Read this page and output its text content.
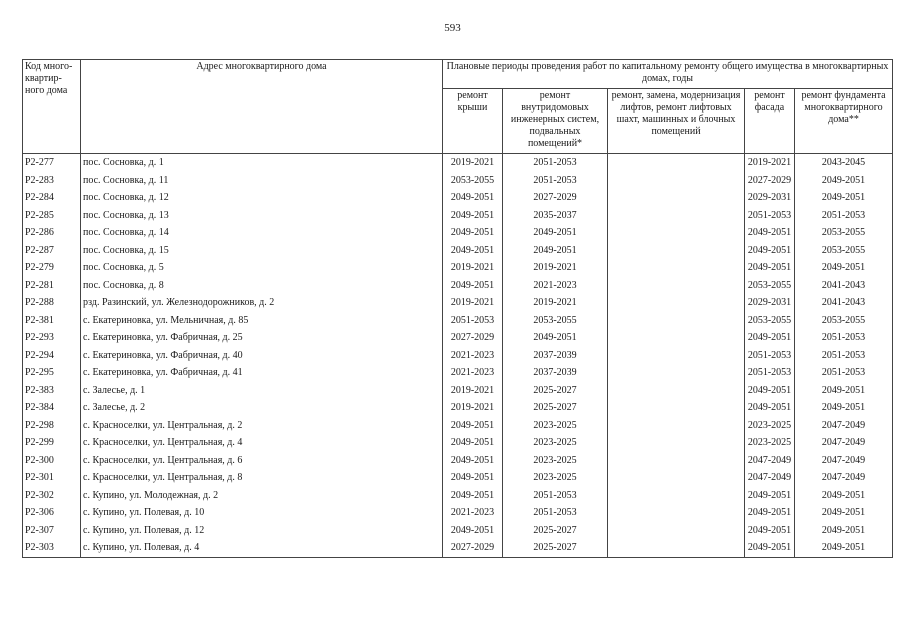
593
Код много-квартир-ного дома	Адрес многоквартирного дома	Плановые периоды проведения работ по капитальному ремонту общего имущества в многоквартирных домах, годы				
		ремонт крыши	ремонт внутридомовых инженерных систем, подвальных помещений*	ремонт, замена, модернизация лифтов, ремонт лифтовых шахт, машинных и блочных помещений	ремонт фасада	ремонт фундамента многоквартирного дома**
Р2-277	пос. Сосновка, д. 1	2019-2021	2051-2053		2019-2021	2043-2045
Р2-283	пос. Сосновка, д. 11	2053-2055	2051-2053		2027-2029	2049-2051
Р2-284	пос. Сосновка, д. 12	2049-2051	2027-2029		2029-2031	2049-2051
Р2-285	пос. Сосновка, д. 13	2049-2051	2035-2037		2051-2053	2051-2053
Р2-286	пос. Сосновка, д. 14	2049-2051	2049-2051		2049-2051	2053-2055
Р2-287	пос. Сосновка, д. 15	2049-2051	2049-2051		2049-2051	2053-2055
Р2-279	пос. Сосновка, д. 5	2019-2021	2019-2021		2049-2051	2049-2051
Р2-281	пос. Сосновка, д. 8	2049-2051	2021-2023		2053-2055	2041-2043
Р2-288	рзд. Разинский, ул. Железнодорожников, д. 2	2019-2021	2019-2021		2029-2031	2041-2043
Р2-381	с. Екатериновка, ул. Мельничная, д. 85	2051-2053	2053-2055		2053-2055	2053-2055
Р2-293	с. Екатериновка, ул. Фабричная, д. 25	2027-2029	2049-2051		2049-2051	2051-2053
Р2-294	с. Екатериновка, ул. Фабричная, д. 40	2021-2023	2037-2039		2051-2053	2051-2053
Р2-295	с. Екатериновка, ул. Фабричная, д. 41	2021-2023	2037-2039		2051-2053	2051-2053
Р2-383	с. Залесье, д. 1	2019-2021	2025-2027		2049-2051	2049-2051
Р2-384	с. Залесье, д. 2	2019-2021	2025-2027		2049-2051	2049-2051
Р2-298	с. Красноселки, ул. Центральная, д. 2	2049-2051	2023-2025		2023-2025	2047-2049
Р2-299	с. Красноселки, ул. Центральная, д. 4	2049-2051	2023-2025		2023-2025	2047-2049
Р2-300	с. Красноселки, ул. Центральная, д. 6	2049-2051	2023-2025		2047-2049	2047-2049
Р2-301	с. Красноселки, ул. Центральная, д. 8	2049-2051	2023-2025		2047-2049	2047-2049
Р2-302	с. Купино, ул. Молодежная, д. 2	2049-2051	2051-2053		2049-2051	2049-2051
Р2-306	с. Купино, ул. Полевая, д. 10	2021-2023	2051-2053		2049-2051	2049-2051
Р2-307	с. Купино, ул. Полевая, д. 12	2049-2051	2025-2027		2049-2051	2049-2051
Р2-303	с. Купино, ул. Полевая, д. 4	2027-2029	2025-2027		2049-2051	2049-2051
